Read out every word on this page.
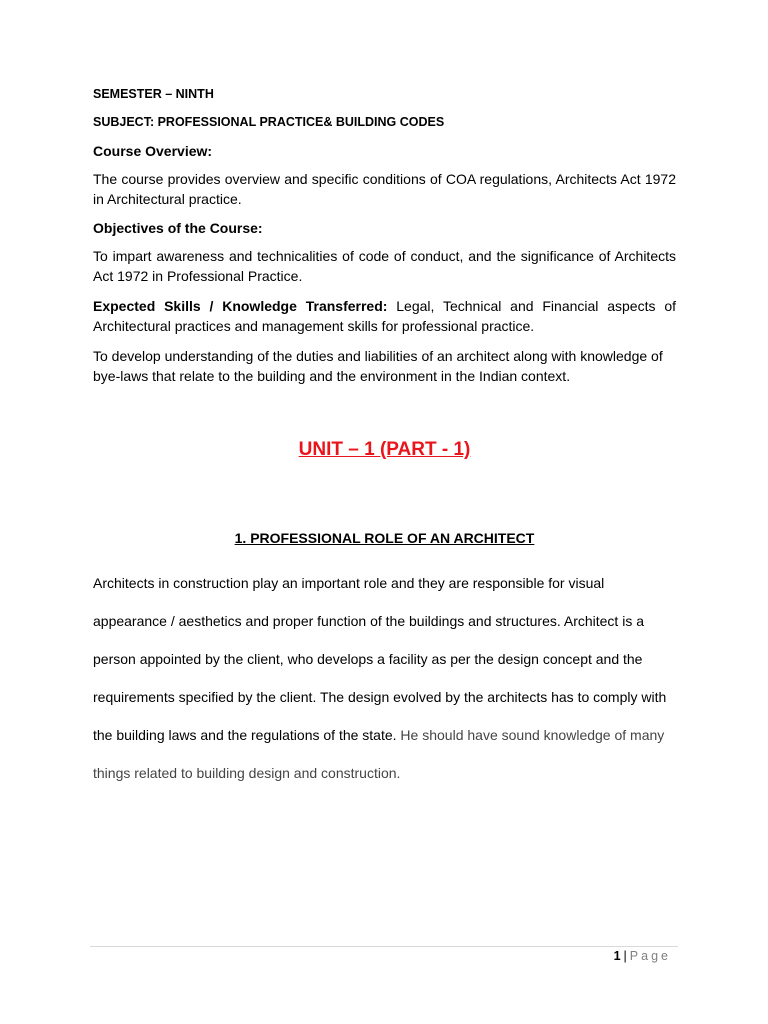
SEMESTER – NINTH

SUBJECT: PROFESSIONAL PRACTICE& BUILDING CODES

Course Overview:

The course provides overview and specific conditions of COA regulations, Architects Act 1972 in Architectural practice.

Objectives of the Course:

To impart awareness and technicalities of code of conduct, and the significance of Architects Act 1972 in Professional Practice.

Expected Skills / Knowledge Transferred: Legal, Technical and Financial aspects of Architectural practices and management skills for professional practice.

To develop understanding of the duties and liabilities of an architect along with knowledge of bye-laws that relate to the building and the environment in the Indian context.

UNIT – 1 (PART - 1)
1. PROFESSIONAL ROLE OF AN ARCHITECT

Architects in construction play an important role and they are responsible for visual appearance / aesthetics and proper function of the buildings and structures. Architect is a person appointed by the client, who develops a facility as per the design concept and the requirements specified by the client. The design evolved by the architects has to comply with the building laws and the regulations of the state. He should have sound knowledge of many things related to building design and construction.

1 | Page
